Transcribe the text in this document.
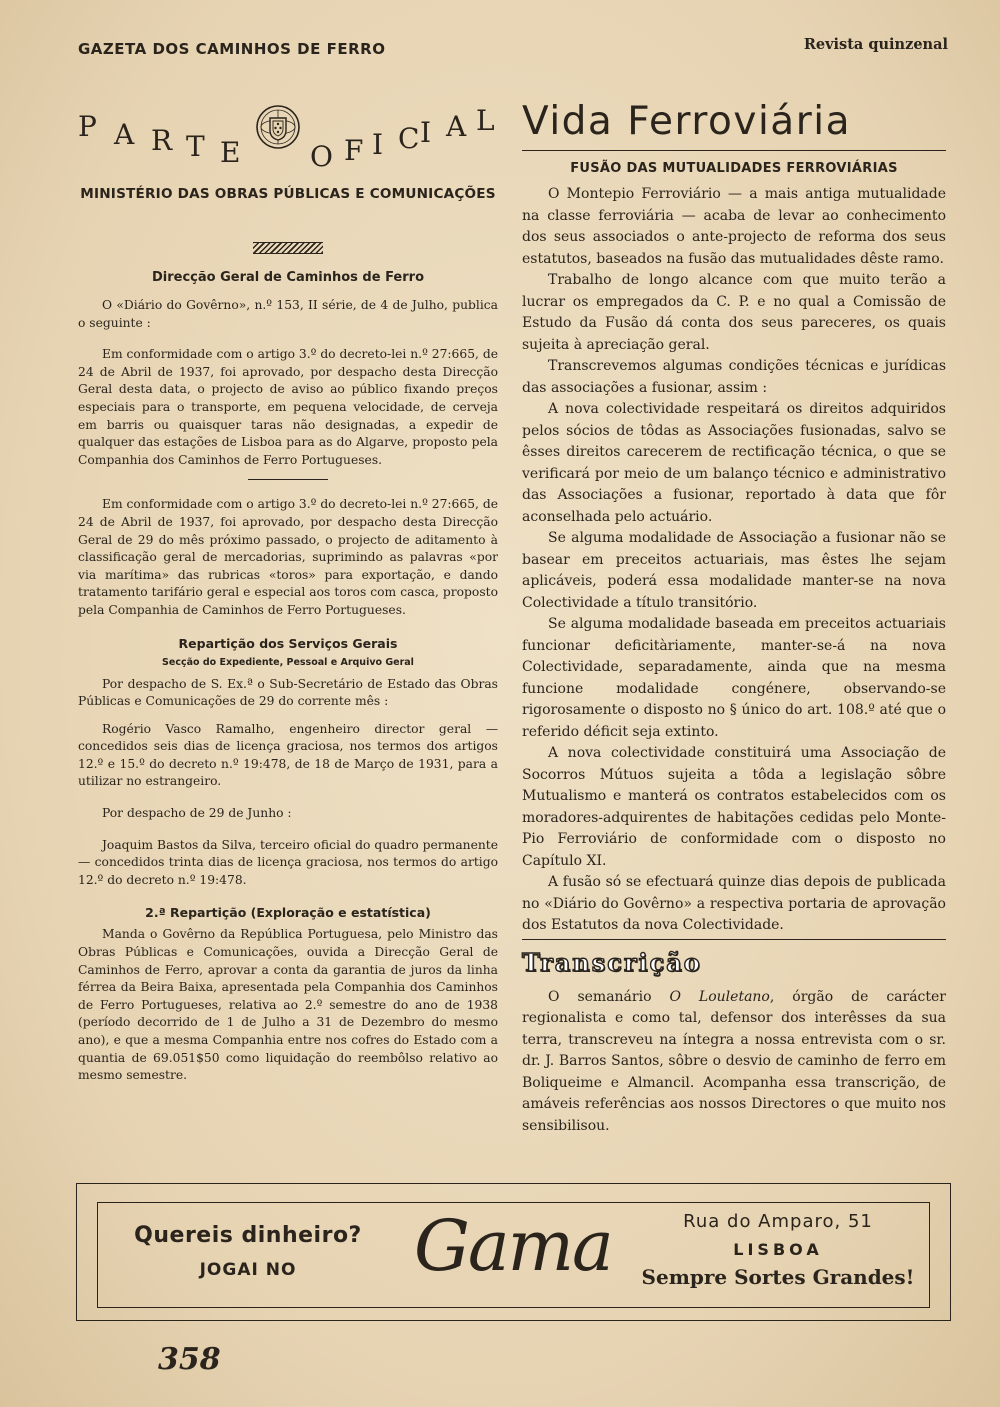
GAZETA DOS CAMINHOS DE FERRO	Revista quinzenal
P A R T E O F I C I A L
MINISTÉRIO DAS OBRAS PÚBLICAS E COMUNICAÇÕES
Direcção Geral de Caminhos de Ferro

O «Diário do Govêrno», n.º 153, II série, de 4 de Julho, publica o seguinte :

Em conformidade com o artigo 3.º do decreto-lei n.º 27:665, de 24 de Abril de 1937, foi aprovado, por despacho desta Direcção Geral desta data, o projecto de aviso ao público fixando preços especiais para o transporte, em pequena velocidade, de cerveja em barris ou quaisquer taras não designadas, a expedir de qualquer das estações de Lisboa para as do Algarve, proposto pela Companhia dos Caminhos de Ferro Portugueses.

Em conformidade com o artigo 3.º do decreto-lei n.º 27:665, de 24 de Abril de 1937, foi aprovado, por despacho desta Direcção Geral de 29 do mês próximo passado, o projecto de aditamento à classificação geral de mercadorias, suprimindo as palavras «por via marítima» das rubricas «toros» para exportação, e dando tratamento tarifário geral e especial aos toros com casca, proposto pela Companhia de Caminhos de Ferro Portugueses.

Repartição dos Serviços Gerais
Secção do Expediente, Pessoal e Arquivo Geral

Por despacho de S. Ex.ª o Sub-Secretário de Estado das Obras Públicas e Comunicações de 29 do corrente mês :

Rogério Vasco Ramalho, engenheiro director geral — concedidos seis dias de licença graciosa, nos termos dos artigos 12.º e 15.º do decreto n.º 19:478, de 18 de Março de 1931, para a utilizar no estrangeiro.

Por despacho de 29 de Junho :

Joaquim Bastos da Silva, terceiro oficial do quadro permanente — concedidos trinta dias de licença graciosa, nos termos do artigo 12.º do decreto n.º 19:478.

2.ª Repartição (Exploração e estatística)

Manda o Govêrno da República Portuguesa, pelo Ministro das Obras Públicas e Comunicações, ouvida a Direcção Geral de Caminhos de Ferro, aprovar a conta da garantia de juros da linha férrea da Beira Baixa, apresentada pela Companhia dos Caminhos de Ferro Portugueses, relativa ao 2.º semestre do ano de 1938 (período decorrido de 1 de Julho a 31 de Dezembro do mesmo ano), e que a mesma Companhia entre nos cofres do Estado com a quantia de 69.051$50 como liquidação do reembôlso relativo ao mesmo semestre.

Vida Ferroviária
FUSÃO DAS MUTUALIDADES FERROVIÁRIAS

O Montepio Ferroviário — a mais antiga mutualidade na classe ferroviária — acaba de levar ao conhecimento dos seus associados o ante-projecto de reforma dos seus estatutos, baseados na fusão das mutualidades dêste ramo.

Trabalho de longo alcance com que muito terão a lucrar os empregados da C. P. e no qual a Comissão de Estudo da Fusão dá conta dos seus pareceres, os quais sujeita à apreciação geral.

Transcrevemos algumas condições técnicas e jurídicas das associações a fusionar, assim :

A nova colectividade respeitará os direitos adquiridos pelos sócios de tôdas as Associações fusionadas, salvo se êsses direitos carecerem de rectificação técnica, o que se verificará por meio de um balanço técnico e administrativo das Associações a fusionar, reportado à data que fôr aconselhada pelo actuário.

Se alguma modalidade de Associação a fusionar não se basear em preceitos actuariais, mas êstes lhe sejam aplicáveis, poderá essa modalidade manter-se na nova Colectividade a título transitório.

Se alguma modalidade baseada em preceitos actuariais funcionar deficitàriamente, manter-se-á na nova Colectividade, separadamente, ainda que na mesma funcione modalidade congénere, observando-se rigorosamente o disposto no § único do art. 108.º até que o referido déficit seja extinto.

A nova colectividade constituirá uma Associação de Socorros Mútuos sujeita a tôda a legislação sôbre Mutualismo e manterá os contratos estabelecidos com os moradores-adquirentes de habitações cedidas pelo Monte-Pio Ferroviário de conformidade com o disposto no Capítulo XI.

A fusão só se efectuará quinze dias depois de publicada no «Diário do Govêrno» a respectiva portaria de aprovação dos Estatutos da nova Colectividade.

Transcrição

O semanário O Louletano, órgão de carácter regionalista e como tal, defensor dos interêsses da sua terra, transcreveu na íntegra a nossa entrevista com o sr. dr. J. Barros Santos, sôbre o desvio de caminho de ferro em Boliqueime e Almancil. Acompanha essa transcrição, de amáveis referências aos nossos Directores o que muito nos sensibilisou.

Quereis dinheiro?
JOGAI NO	Gama	Rua do Amparo, 51
LISBOA
Sempre Sortes Grandes!
358
